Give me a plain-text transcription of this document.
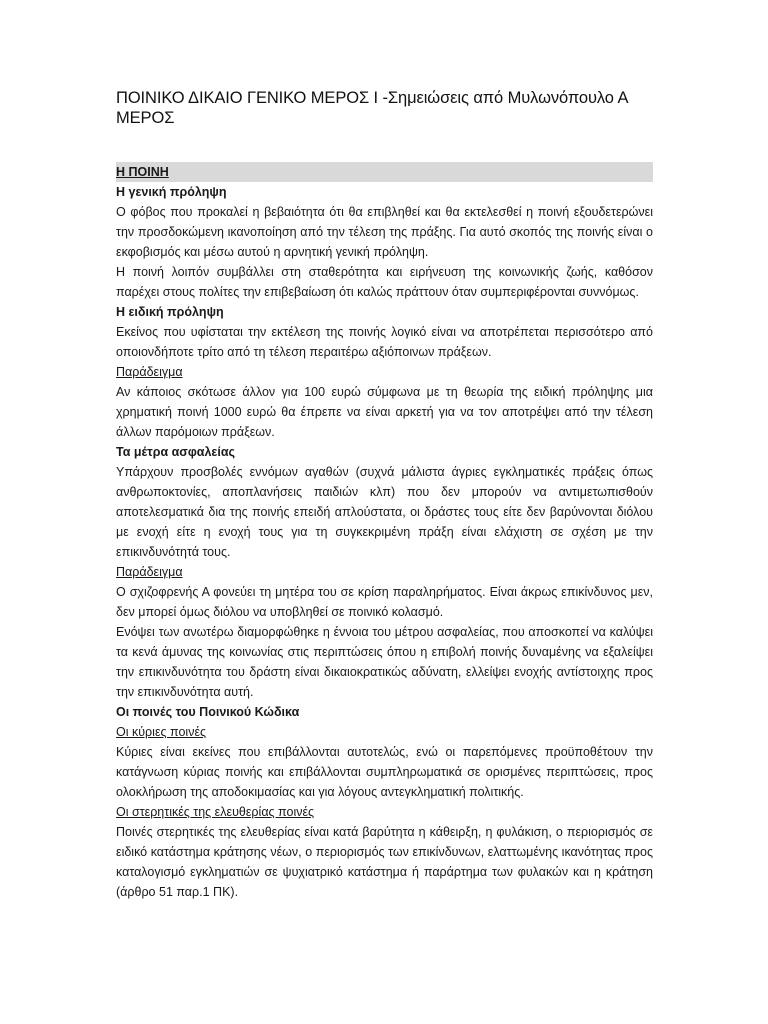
ΠΟΙΝΙΚΟ ΔΙΚΑΙΟ ΓΕΝΙΚΟ ΜΕΡΟΣ Ι -Σημειώσεις από Μυλωνόπουλο Α ΜΕΡΟΣ
Η ΠΟΙΝΗ
Η γενική πρόληψη
Ο φόβος που προκαλεί η βεβαιότητα ότι θα επιβληθεί και θα εκτελεσθεί η ποινή εξουδετερώνει την προσδοκώμενη ικανοποίηση από την τέλεση της πράξης. Για αυτό σκοπός της ποινής είναι ο εκφοβισμός και μέσω αυτού η αρνητική γενική πρόληψη.
Η ποινή λοιπόν συμβάλλει στη σταθερότητα και ειρήνευση της κοινωνικής ζωής, καθόσον παρέχει στους πολίτες την επιβεβαίωση ότι καλώς πράττουν όταν συμπεριφέρονται συννόμως.
Η ειδική πρόληψη
Εκείνος που υφίσταται την εκτέλεση της ποινής λογικό είναι να αποτρέπεται περισσότερο από οποιονδήποτε τρίτο από τη τέλεση περαιτέρω αξιόποινων πράξεων.
Παράδειγμα
Αν κάποιος σκότωσε άλλον για 100 ευρώ σύμφωνα με τη θεωρία της ειδική πρόληψης μια χρηματική ποινή 1000 ευρώ θα έπρεπε να είναι αρκετή για να τον αποτρέψει από την τέλεση άλλων παρόμοιων πράξεων.
Τα μέτρα ασφαλείας
Υπάρχουν προσβολές εννόμων αγαθών (συχνά μάλιστα άγριες εγκληματικές πράξεις όπως ανθρωποκτονίες, αποπλανήσεις παιδιών κλπ) που δεν μπορούν να αντιμετωπισθούν αποτελεσματικά δια της ποινής επειδή απλούστατα, οι δράστες τους είτε δεν βαρύνονται διόλου με ενοχή είτε η ενοχή τους για τη συγκεκριμένη πράξη είναι ελάχιστη σε σχέση με την επικινδυνότητά τους.
Παράδειγμα
Ο σχιζοφρενής Α φονεύει τη μητέρα του σε κρίση παραληρήματος. Είναι άκρως επικίνδυνος μεν, δεν μπορεί όμως διόλου να υποβληθεί σε ποινικό κολασμό.
Ενόψει των ανωτέρω διαμορφώθηκε η έννοια του μέτρου ασφαλείας, που αποσκοπεί να καλύψει τα κενά άμυνας της κοινωνίας στις περιπτώσεις όπου η επιβολή ποινής δυναμένης να εξαλείψει την επικινδυνότητα του δράστη είναι δικαιοκρατικώς αδύνατη, ελλείψει ενοχής αντίστοιχης προς την επικινδυνότητα αυτή.
Οι ποινές του Ποινικού Κώδικα
Οι κύριες ποινές
Κύριες είναι εκείνες που επιβάλλονται αυτοτελώς, ενώ οι παρεπόμενες προϋποθέτουν την κατάγνωση κύριας ποινής και επιβάλλονται συμπληρωματικά σε ορισμένες περιπτώσεις, προς ολοκλήρωση της αποδοκιμασίας και για λόγους αντεγκληματική πολιτικής.
Οι στερητικές της ελευθερίας ποινές
Ποινές στερητικές της ελευθερίας είναι κατά βαρύτητα η κάθειρξη, η φυλάκιση, ο περιορισμός σε ειδικό κατάστημα κράτησης νέων, ο περιορισμός των επικίνδυνων, ελαττωμένης ικανότητας προς καταλογισμό εγκληματιών σε ψυχιατρικό κατάστημα ή παράρτημα των φυλακών και η κράτηση (άρθρο 51 παρ.1 ΠΚ).
